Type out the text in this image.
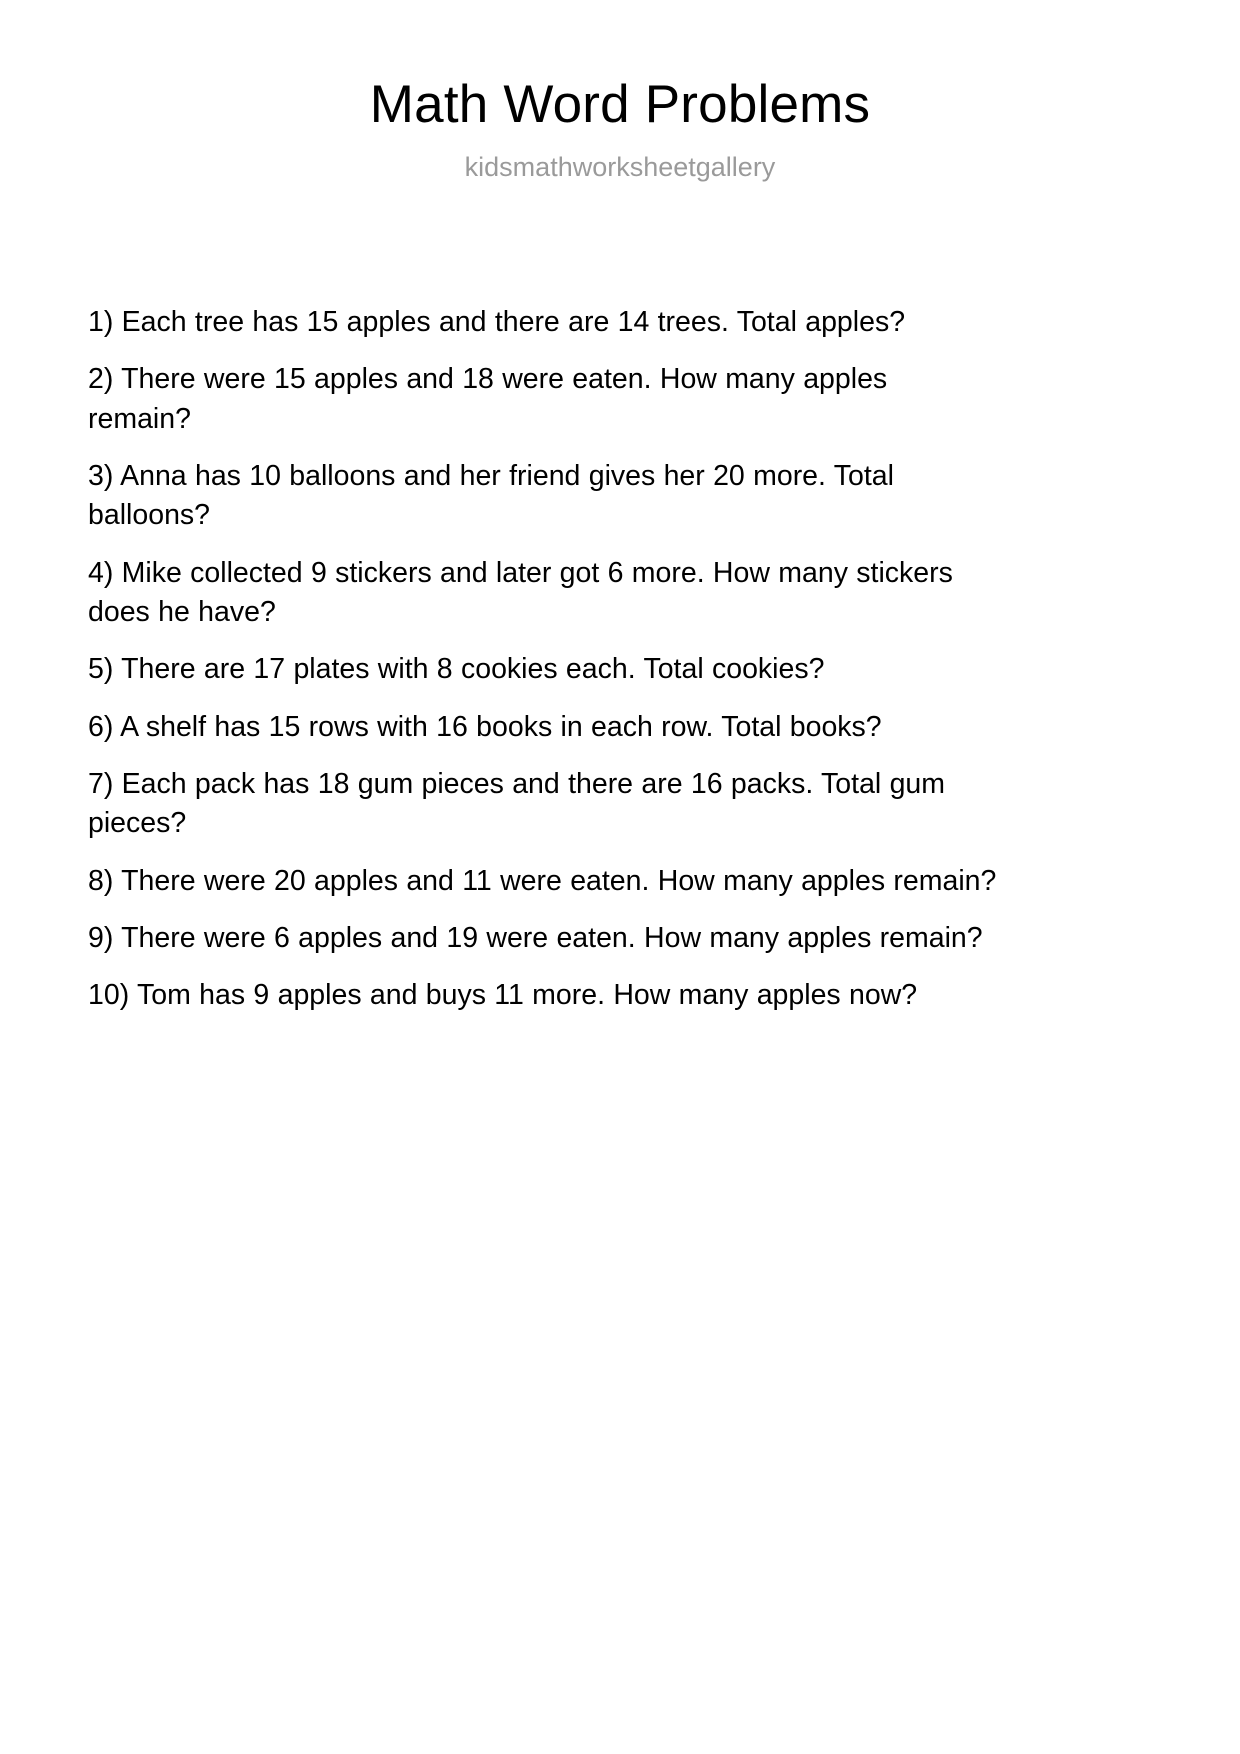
Math Word Problems
kidsmathworksheetgallery

1) Each tree has 15 apples and there are 14 trees. Total apples?

2) There were 15 apples and 18 were eaten. How many apples remain?

3) Anna has 10 balloons and her friend gives her 20 more. Total balloons?

4) Mike collected 9 stickers and later got 6 more. How many stickers does he have?

5) There are 17 plates with 8 cookies each. Total cookies?

6) A shelf has 15 rows with 16 books in each row. Total books?

7) Each pack has 18 gum pieces and there are 16 packs. Total gum pieces?

8) There were 20 apples and 11 were eaten. How many apples remain?

9) There were 6 apples and 19 were eaten. How many apples remain?

10) Tom has 9 apples and buys 11 more. How many apples now?
